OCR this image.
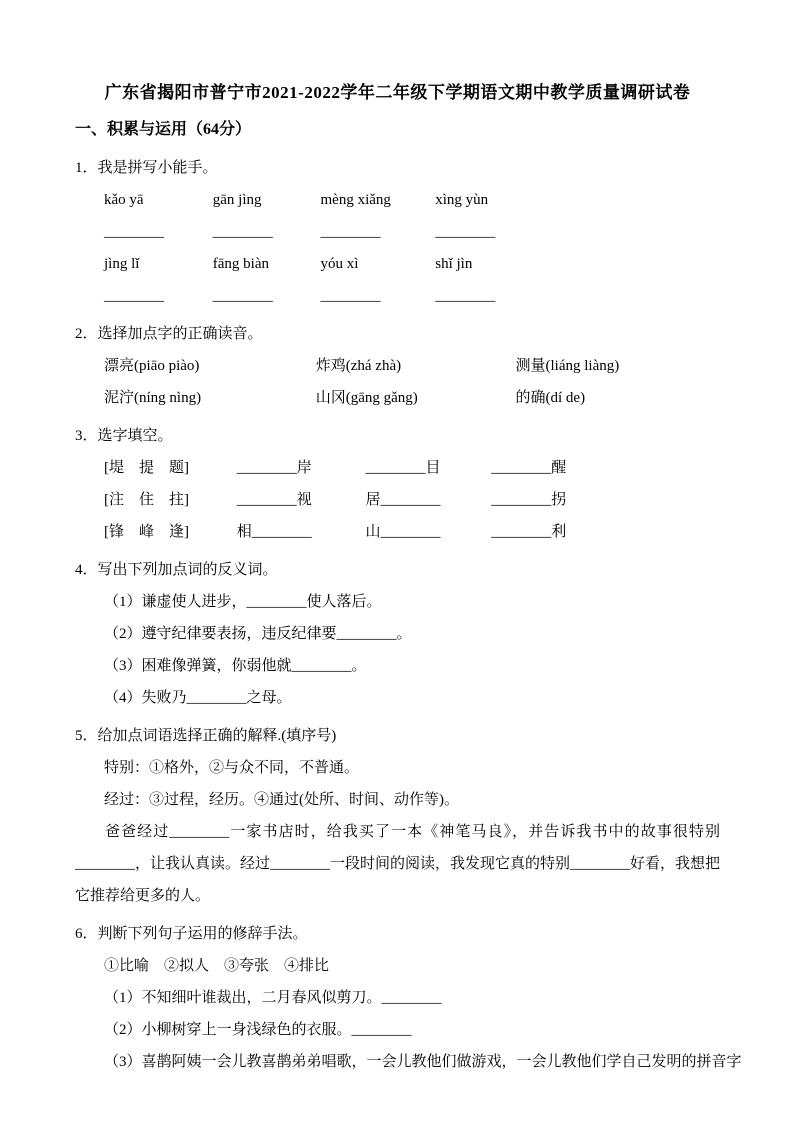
广东省揭阳市普宁市2021-2022学年二年级下学期语文期中教学质量调研试卷
一、积累与运用（64分）
1．我是拼写小能手。
kǎo yā	gān jìng	mèng xiǎng	xìng yùn
________	________	________	________
jìng lǐ	fāng biàn	yóu xì	shǐ jìn
________	________	________	________
2．选择加点字的正确读音。
漂亮(piāo piào)	炸鸡(zhá zhà)	测量(liáng liàng)
泥泞(níng nìng)	山冈(gāng gǎng)	的确(dí de)
3．选字填空。
[堤　提　题]	________岸	________目	________醒
[注　住　拄]	________视	居________	________拐
[锋　峰　逢]	相________	山________	________利
4．写出下列加点词的反义词。
（1）谦虚使人进步，________使人落后。
（2）遵守纪律要表扬，违反纪律要________。
（3）困难像弹簧，你弱他就________。
（4）失败乃________之母。
5．给加点词语选择正确的解释.(填序号)
特别：①格外，②与众不同，不普通。
经过：③过程，经历。④通过(处所、时间、动作等)。
爸爸经过________一家书店时，给我买了一本《神笔马良》，并告诉我书中的故事很特别________，让我认真读。经过________一段时间的阅读，我发现它真的特别________好看，我想把它推荐给更多的人。
6．判断下列句子运用的修辞手法。
①比喻　②拟人　③夸张　④排比
（1）不知细叶谁裁出，二月春风似剪刀。________
（2）小柳树穿上一身浅绿色的衣服。________
（3）喜鹊阿姨一会儿教喜鹊弟弟唱歌，一会儿教他们做游戏，一会儿教他们学自己发明的拼音字
